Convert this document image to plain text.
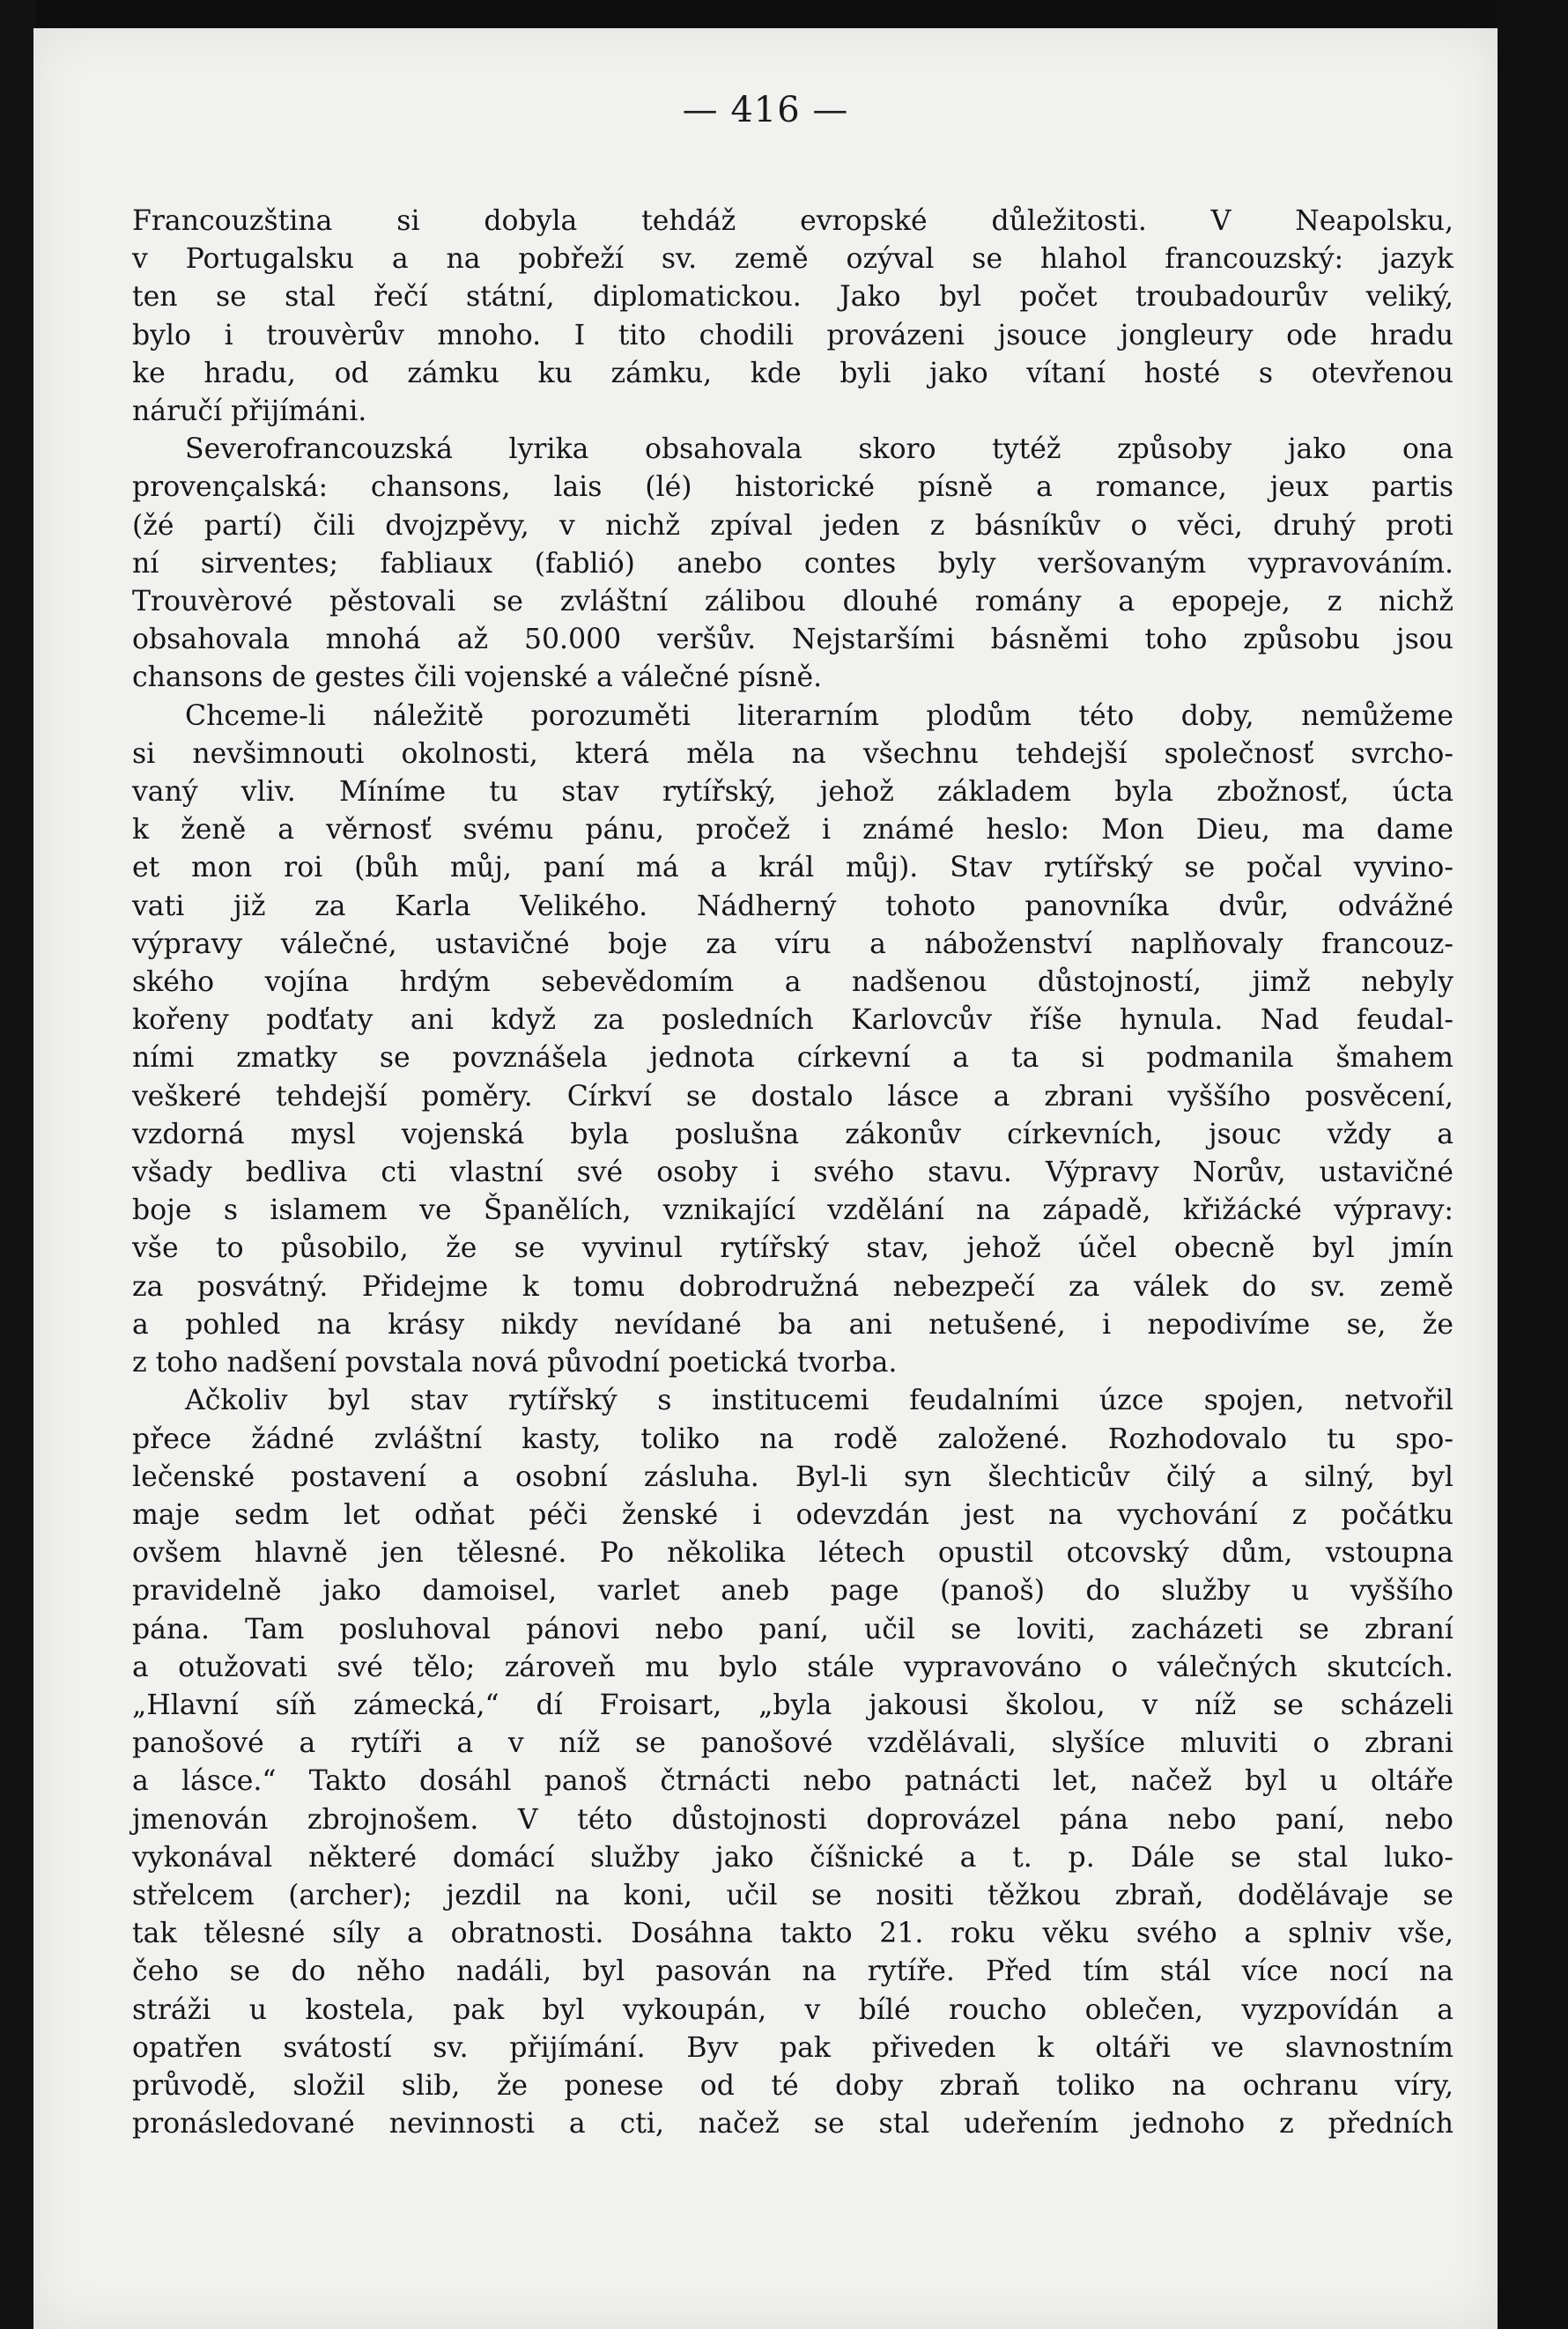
— 416 —

Francouzština si dobyla tehdáž evropské důležitosti. V Neapolsku,
v Portugalsku a na pobřeží sv. země ozýval se hlahol francouzský: jazyk
ten se stal řečí státní, diplomatickou. Jako byl počet troubadourův veliký,
bylo i trouvèrův mnoho. I tito chodili provázeni jsouce jongleury ode hradu
ke hradu, od zámku ku zámku, kde byli jako vítaní hosté s otevřenou
náručí přijímáni.

Severofrancouzská lyrika obsahovala skoro tytéž způsoby jako ona
provençalská: chansons, lais (lé) historické písně a romance, jeux partis
(žé partí) čili dvojzpěvy, v nichž zpíval jeden z básníkův o věci, druhý proti
ní sirventes; fabliaux (fablió) anebo contes byly veršovaným vypravováním.
Trouvèrové pěstovali se zvláštní zálibou dlouhé romány a epopeje, z nichž
obsahovala mnohá až 50.000 veršův. Nejstaršími básněmi toho způsobu jsou
chansons de gestes čili vojenské a válečné písně.

Chceme-li náležitě porozuměti literarním plodům této doby, nemůžeme
si nevšimnouti okolnosti, která měla na všechnu tehdejší společnosť svrcho-
vaný vliv. Míníme tu stav rytířský, jehož základem byla zbožnosť, úcta
k ženě a věrnosť svému pánu, pročež i známé heslo: Mon Dieu, ma dame
et mon roi (bůh můj, paní má a král můj). Stav rytířský se počal vyvino-
vati již za Karla Velikého. Nádherný tohoto panovníka dvůr, odvážné
výpravy válečné, ustavičné boje za víru a náboženství naplňovaly francouz-
ského vojína hrdým sebevědomím a nadšenou důstojností, jimž nebyly
kořeny podťaty ani když za posledních Karlovcův říše hynula. Nad feudal-
ními zmatky se povznášela jednota církevní a ta si podmanila šmahem
veškeré tehdejší poměry. Církví se dostalo lásce a zbrani vyššího posvěcení,
vzdorná mysl vojenská byla poslušna zákonův církevních, jsouc vždy a
všady bedliva cti vlastní své osoby i svého stavu. Výpravy Norův, ustavičné
boje s islamem ve Španělích, vznikající vzdělání na západě, křižácké výpravy:
vše to působilo, že se vyvinul rytířský stav, jehož účel obecně byl jmín
za posvátný. Přidejme k tomu dobrodružná nebezpečí za válek do sv. země
a pohled na krásy nikdy nevídané ba ani netušené, i nepodivíme se, že
z toho nadšení povstala nová původní poetická tvorba.

Ačkoliv byl stav rytířský s institucemi feudalními úzce spojen, netvořil
přece žádné zvláštní kasty, toliko na rodě založené. Rozhodovalo tu spo-
lečenské postavení a osobní zásluha. Byl-li syn šlechticův čilý a silný, byl
maje sedm let odňat péči ženské i odevzdán jest na vychování z počátku
ovšem hlavně jen tělesné. Po několika létech opustil otcovský dům, vstoupna
pravidelně jako damoisel, varlet aneb page (panoš) do služby u vyššího
pána. Tam posluhoval pánovi nebo paní, učil se loviti, zacházeti se zbraní
a otužovati své tělo; zároveň mu bylo stále vypravováno o válečných skutcích.
„Hlavní síň zámecká,“ dí Froisart, „byla jakousi školou, v níž se scházeli
panošové a rytíři a v níž se panošové vzdělávali, slyšíce mluviti o zbrani
a lásce.“ Takto dosáhl panoš čtrnácti nebo patnácti let, načež byl u oltáře
jmenován zbrojnošem. V této důstojnosti doprovázel pána nebo paní, nebo
vykonával některé domácí služby jako číšnické a t. p. Dále se stal luko-
střelcem (archer); jezdil na koni, učil se nositi těžkou zbraň, dodělávaje se
tak tělesné síly a obratnosti. Dosáhna takto 21. roku věku svého a splniv vše,
čeho se do něho nadáli, byl pasován na rytíře. Před tím stál více nocí na
stráži u kostela, pak byl vykoupán, v bílé roucho oblečen, vyzpovídán a
opatřen svátostí sv. přijímání. Byv pak přiveden k oltáři ve slavnostním
průvodě, složil slib, že ponese od té doby zbraň toliko na ochranu víry,
pronásledované nevinnosti a cti, načež se stal udeřením jednoho z předních
